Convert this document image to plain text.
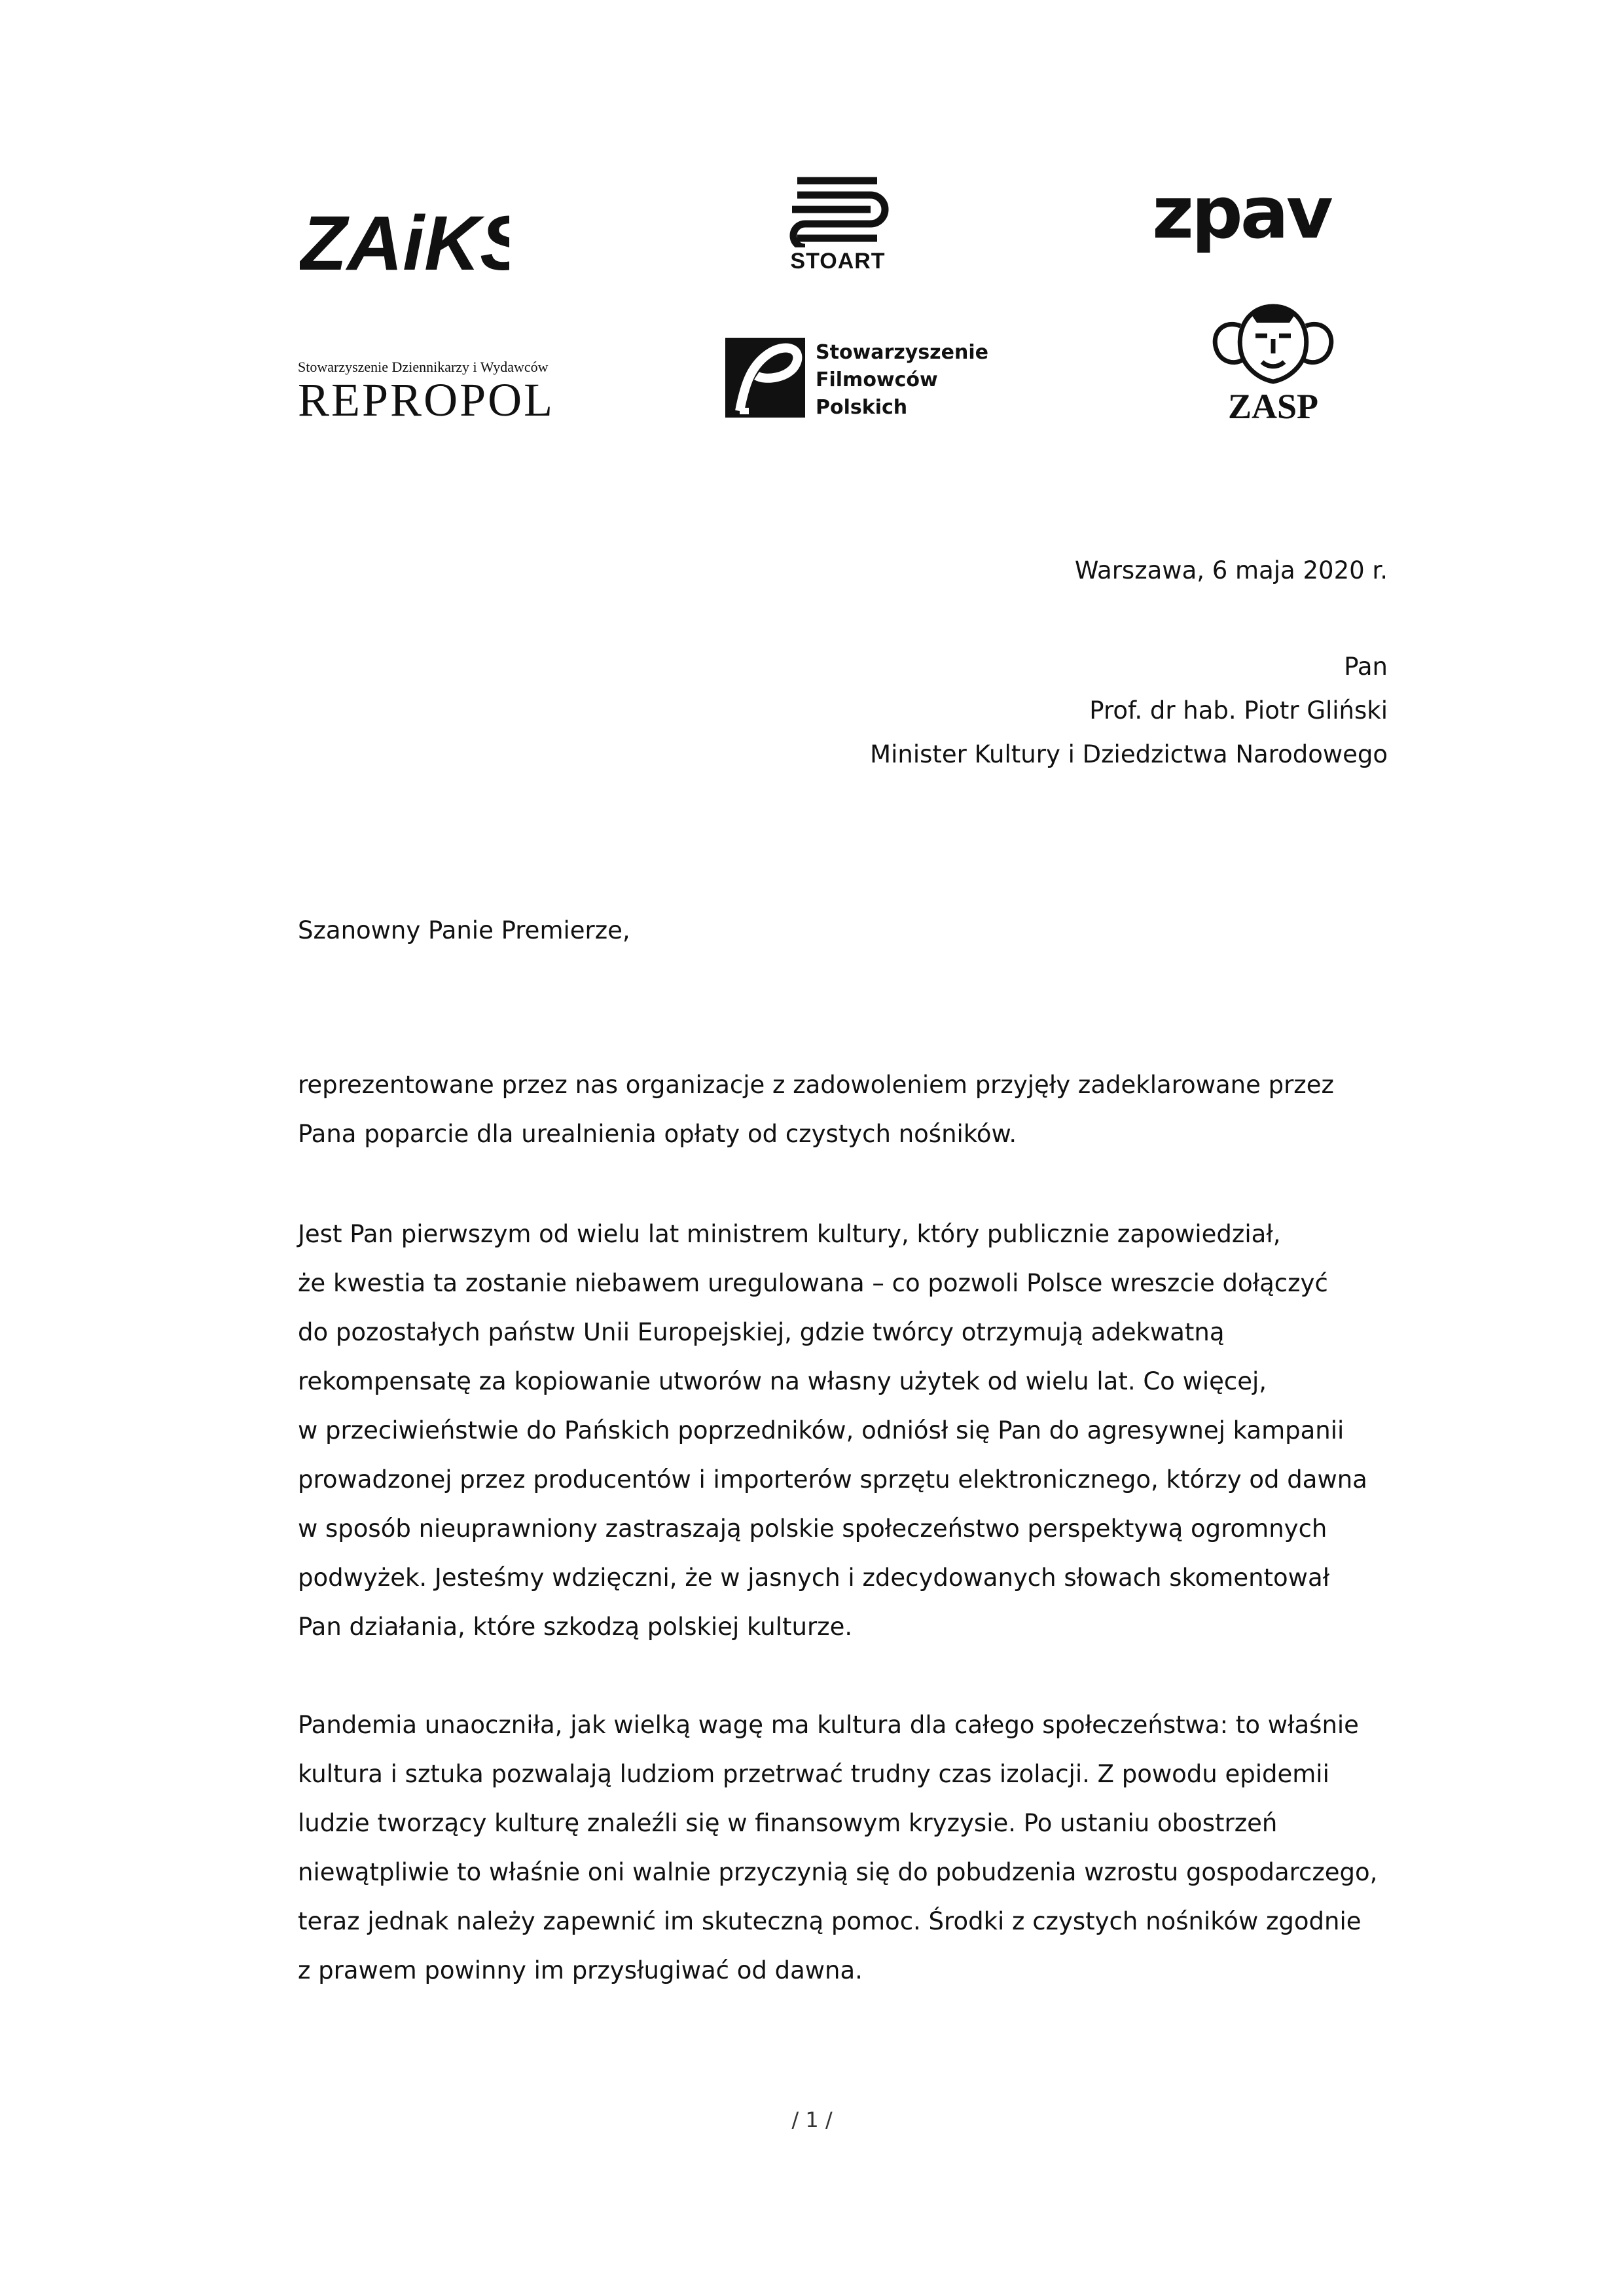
ZAiKS	STOART
zpav
Stowarzyszenie Dziennikarzy i Wydawców
REPROPOL
Stowarzyszenie
Filmowców
Polskich	ZASP
Warszawa, 6 maja 2020 r.
Pan
Prof. dr hab. Piotr Gliński
Minister Kultury i Dziedzictwa Narodowego
Szanowny Panie Premierze,
reprezentowane przez nas organizacje z zadowoleniem przyjęły zadeklarowane przez
Pana poparcie dla urealnienia opłaty od czystych nośników.
Jest Pan pierwszym od wielu lat ministrem kultury, który publicznie zapowiedział,
że kwestia ta zostanie niebawem uregulowana – co pozwoli Polsce wreszcie dołączyć
do pozostałych państw Unii Europejskiej, gdzie twórcy otrzymują adekwatną
rekompensatę za kopiowanie utworów na własny użytek od wielu lat. Co więcej,
w przeciwieństwie do Pańskich poprzedników, odniósł się Pan do agresywnej kampanii
prowadzonej przez producentów i importerów sprzętu elektronicznego, którzy od dawna
w sposób nieuprawniony zastraszają polskie społeczeństwo perspektywą ogromnych
podwyżek. Jesteśmy wdzięczni, że w jasnych i zdecydowanych słowach skomentował
Pan działania, które szkodzą polskiej kulturze.
Pandemia unaoczniła, jak wielką wagę ma kultura dla całego społeczeństwa: to właśnie
kultura i sztuka pozwalają ludziom przetrwać trudny czas izolacji. Z powodu epidemii
ludzie tworzący kulturę znaleźli się w finansowym kryzysie. Po ustaniu obostrzeń
niewątpliwie to właśnie oni walnie przyczynią się do pobudzenia wzrostu gospodarczego,
teraz jednak należy zapewnić im skuteczną pomoc. Środki z czystych nośników zgodnie
z prawem powinny im przysługiwać od dawna.
/ 1 /
